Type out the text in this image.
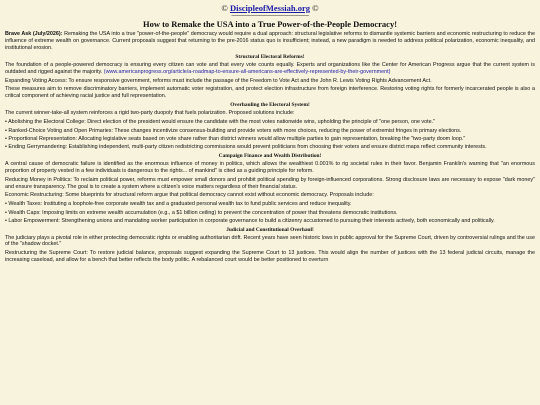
© DiscipleofMessiah.org ©
——————————————
How to Remake the USA into a True Power-of-the-People Democracy!

Brave Ask (July/2026): Remaking the USA into a true "power-of-the-people" democracy would require a dual approach: structural legislative reforms to dismantle systemic barriers and economic restructuring to reduce the influence of extreme wealth on governance. Current proposals suggest that returning to the pre-2016 status quo is insufficient; instead, a new paradigm is needed to address political polarization, economic inequality, and institutional erosion.

Structural Electoral Reforms!

The foundation of a people-powered democracy is ensuring every citizen can vote and that every vote counts equally. Experts and organizations like the Center for American Progress argue that the current system is outdated and rigged against the majority. (www.americanprogress.org/article/a-roadmap-to-ensure-all-americans-are-effectively-represented-by-their-government)

Expanding Voting Access: To ensure responsive government, reforms must include the passage of the Freedom to Vote Act and the John R. Lewis Voting Rights Advancement Act.

These measures aim to remove discriminatory barriers, implement automatic voter registration, and protect election infrastructure from foreign interference. Restoring voting rights for formerly incarcerated people is also a critical component of achieving racial justice and full representation.

Overhauling the Electoral System!

The current winner-take-all system reinforces a rigid two-party duopoly that fuels polarization. Proposed solutions include:

• Abolishing the Electoral College: Direct election of the president would ensure the candidate with the most votes nationwide wins, upholding the principle of "one person, one vote."

• Ranked-Choice Voting and Open Primaries: These changes incentivize consensus-building and provide voters with more choices, reducing the power of extremist fringes in primary elections.

• Proportional Representation: Allocating legislative seats based on vote share rather than district winners would allow multiple parties to gain representation, breaking the "two-party doom loop."

• Ending Gerrymandering: Establishing independent, multi-party citizen redistricting commissions would prevent politicians from choosing their voters and ensure district maps reflect community interests.

Campaign Finance and Wealth Distribution!

A central cause of democratic failure is identified as the enormous influence of money in politics, which allows the wealthiest 0.001% to rig societal rules in their favor. Benjamin Franklin's warning that "an enormous proportion of property vested in a few individuals is dangerous to the rights... of mankind" is cited as a guiding principle for reform.

Reducing Money in Politics: To reclaim political power, reforms must empower small donors and prohibit political spending by foreign-influenced corporations. Strong disclosure laws are necessary to expose "dark money" and ensure transparency. The goal is to create a system where a citizen's voice matters regardless of their financial status.

Economic Restructuring: Some blueprints for structural reform argue that political democracy cannot exist without economic democracy. Proposals include:

• Wealth Taxes: Instituting a loophole-free corporate wealth tax and a graduated personal wealth tax to fund public services and reduce inequality.

• Wealth Caps: Imposing limits on extreme wealth accumulation (e.g., a $1 billion ceiling) to prevent the concentration of power that threatens democratic institutions.

• Labor Empowerment: Strengthening unions and mandating worker participation in corporate governance to build a citizenry accustomed to pursuing their interests actively, both economically and politically.

Judicial and Constitutional Overhaul!

The judiciary plays a pivotal role in either protecting democratic rights or enabling authoritarian drift. Recent years have seen historic lows in public approval for the Supreme Court, driven by controversial rulings and the use of the "shadow docket."

Restructuring the Supreme Court: To restore judicial balance, proposals suggest expanding the Supreme Court to 13 justices. This would align the number of justices with the 13 federal judicial circuits, manage the increasing caseload, and allow for a bench that better reflects the body politic. A rebalanced court would be better positioned to overturn
